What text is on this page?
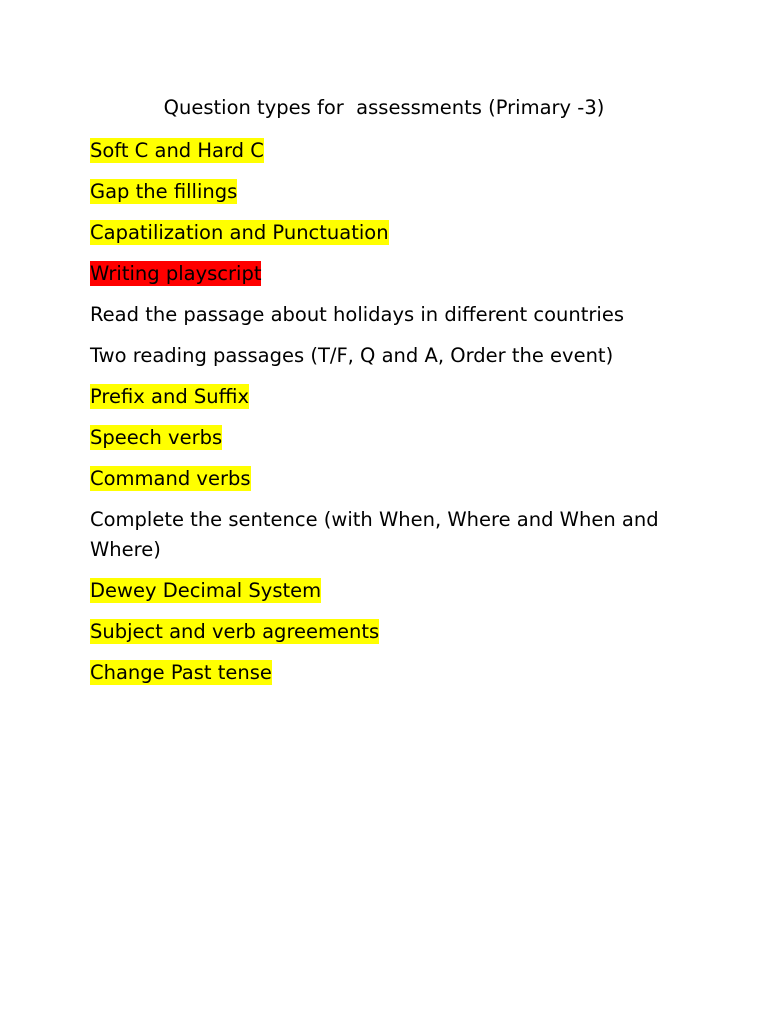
Question types for  assessments (Primary -3)
Soft C and Hard C
Gap the fillings
Capatilization and Punctuation
Writing playscript
Read the passage about holidays in different countries
Two reading passages (T/F, Q and A, Order the event)
Prefix and Suffix
Speech verbs
Command verbs
Complete the sentence (with When, Where and When and Where)
Dewey Decimal System
Subject and verb agreements
Change Past tense
